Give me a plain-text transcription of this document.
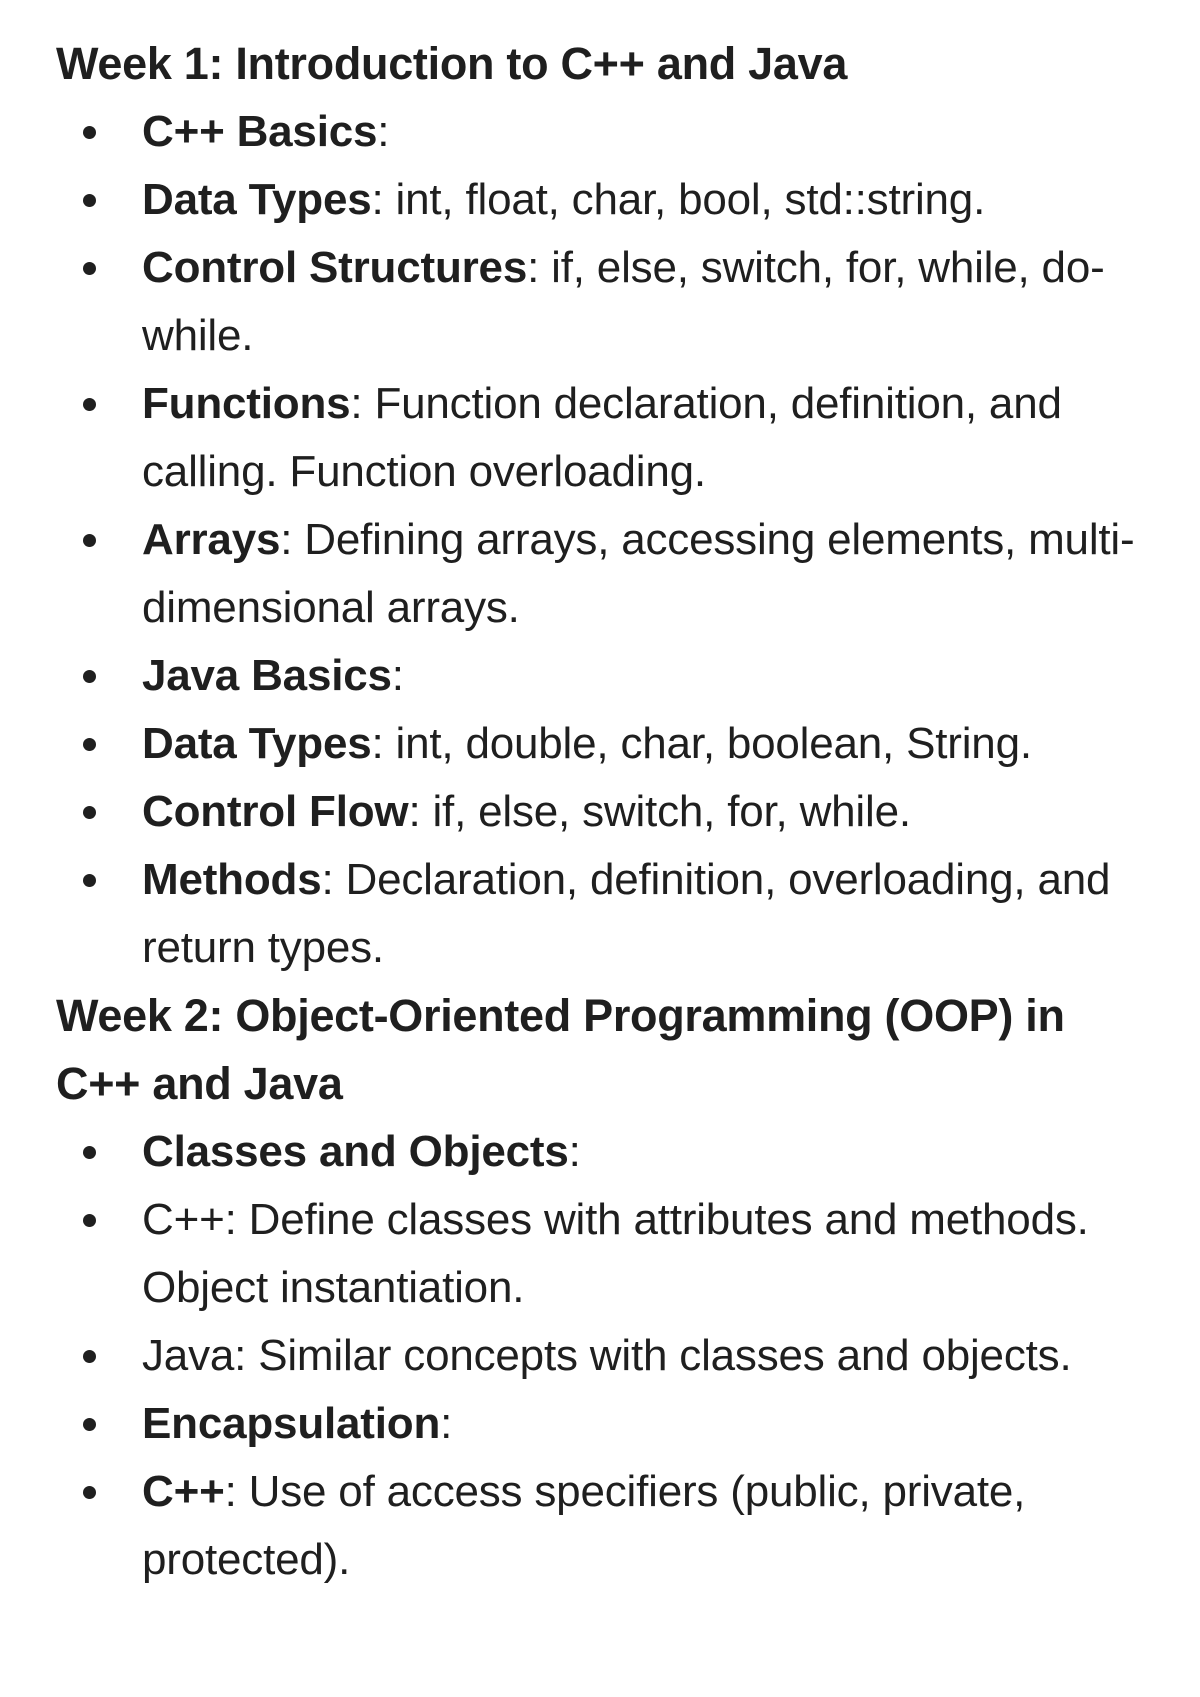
Week 1: Introduction to C++ and Java
C++ Basics:
Data Types: int, float, char, bool, std::string.
Control Structures: if, else, switch, for, while, do-while.
Functions: Function declaration, definition, and calling. Function overloading.
Arrays: Defining arrays, accessing elements, multi-dimensional arrays.
Java Basics:
Data Types: int, double, char, boolean, String.
Control Flow: if, else, switch, for, while.
Methods: Declaration, definition, overloading, and return types.
Week 2: Object-Oriented Programming (OOP) in C++ and Java
Classes and Objects:
C++: Define classes with attributes and methods. Object instantiation.
Java: Similar concepts with classes and objects.
Encapsulation:
C++: Use of access specifiers (public, private, protected).
